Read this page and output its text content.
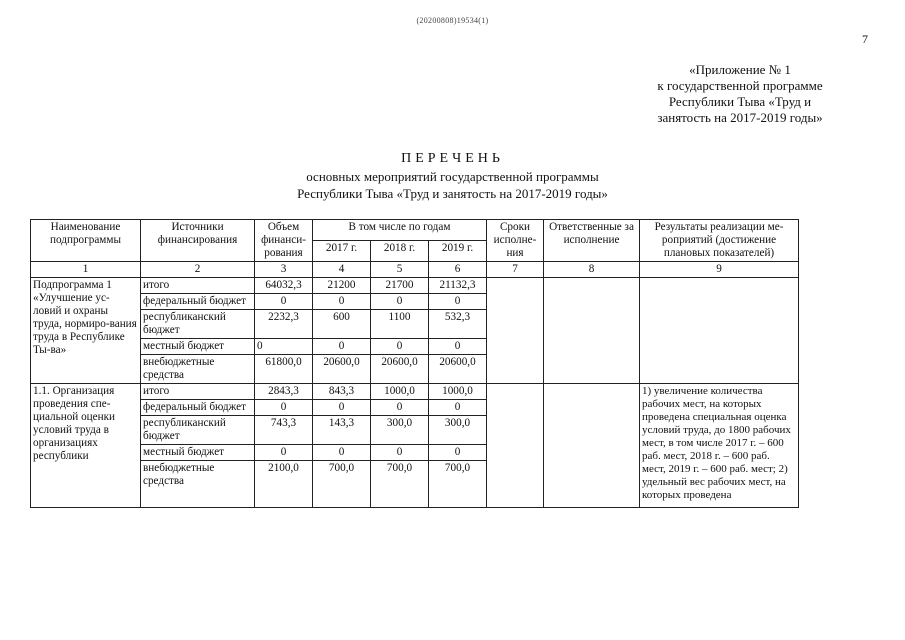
(20200808)19534(1)
7
«Приложение № 1
к государственной программе
Республики Тыва «Труд и
занятость на 2017-2019 годы»
ПЕРЕЧЕНЬ
основных мероприятий государственной программы
Республики Тыва «Труд и занятость на 2017-2019 годы»
Наименование подпрограммы	Источники финансирования	Объем финанси-рования	В том числе по годам			Сроки исполне-ния	Ответственные за исполнение	Результаты реализации ме-роприятий (достижение плановых показателей)
			2017 г.	2018 г.	2019 г.			
1	2	3	4	5	6	7	8	9
Подпрограмма 1 «Улучшение ус-ловий и охраны труда, нормиро-вания труда в Республике Ты-ва»	итого	64032,3	21200	21700	21132,3			
	федеральный бюджет	0	0	0	0			
	республиканский бюджет	2232,3	600	1100	532,3			
	местный бюджет	0	0	0	0			
	внебюджетные средства	61800,0	20600,0	20600,0	20600,0			
1.1. Организация проведения спе-циальной оценки условий труда в организациях республики	итого	2843,3	843,3	1000,0	1000,0			1) увеличение количества рабочих мест, на которых проведена специальная оценка условий труда, до 1800 рабочих мест, в том числе 2017 г. – 600 раб. мест, 2018 г. – 600 раб. мест, 2019 г. – 600 раб. мест; 2) удельный вес рабочих мест, на которых проведена
	федеральный бюджет	0	0	0	0			
	республиканский бюджет	743,3	143,3	300,0	300,0			
	местный бюджет	0	0	0	0			
	внебюджетные средства	2100,0	700,0	700,0	700,0			
